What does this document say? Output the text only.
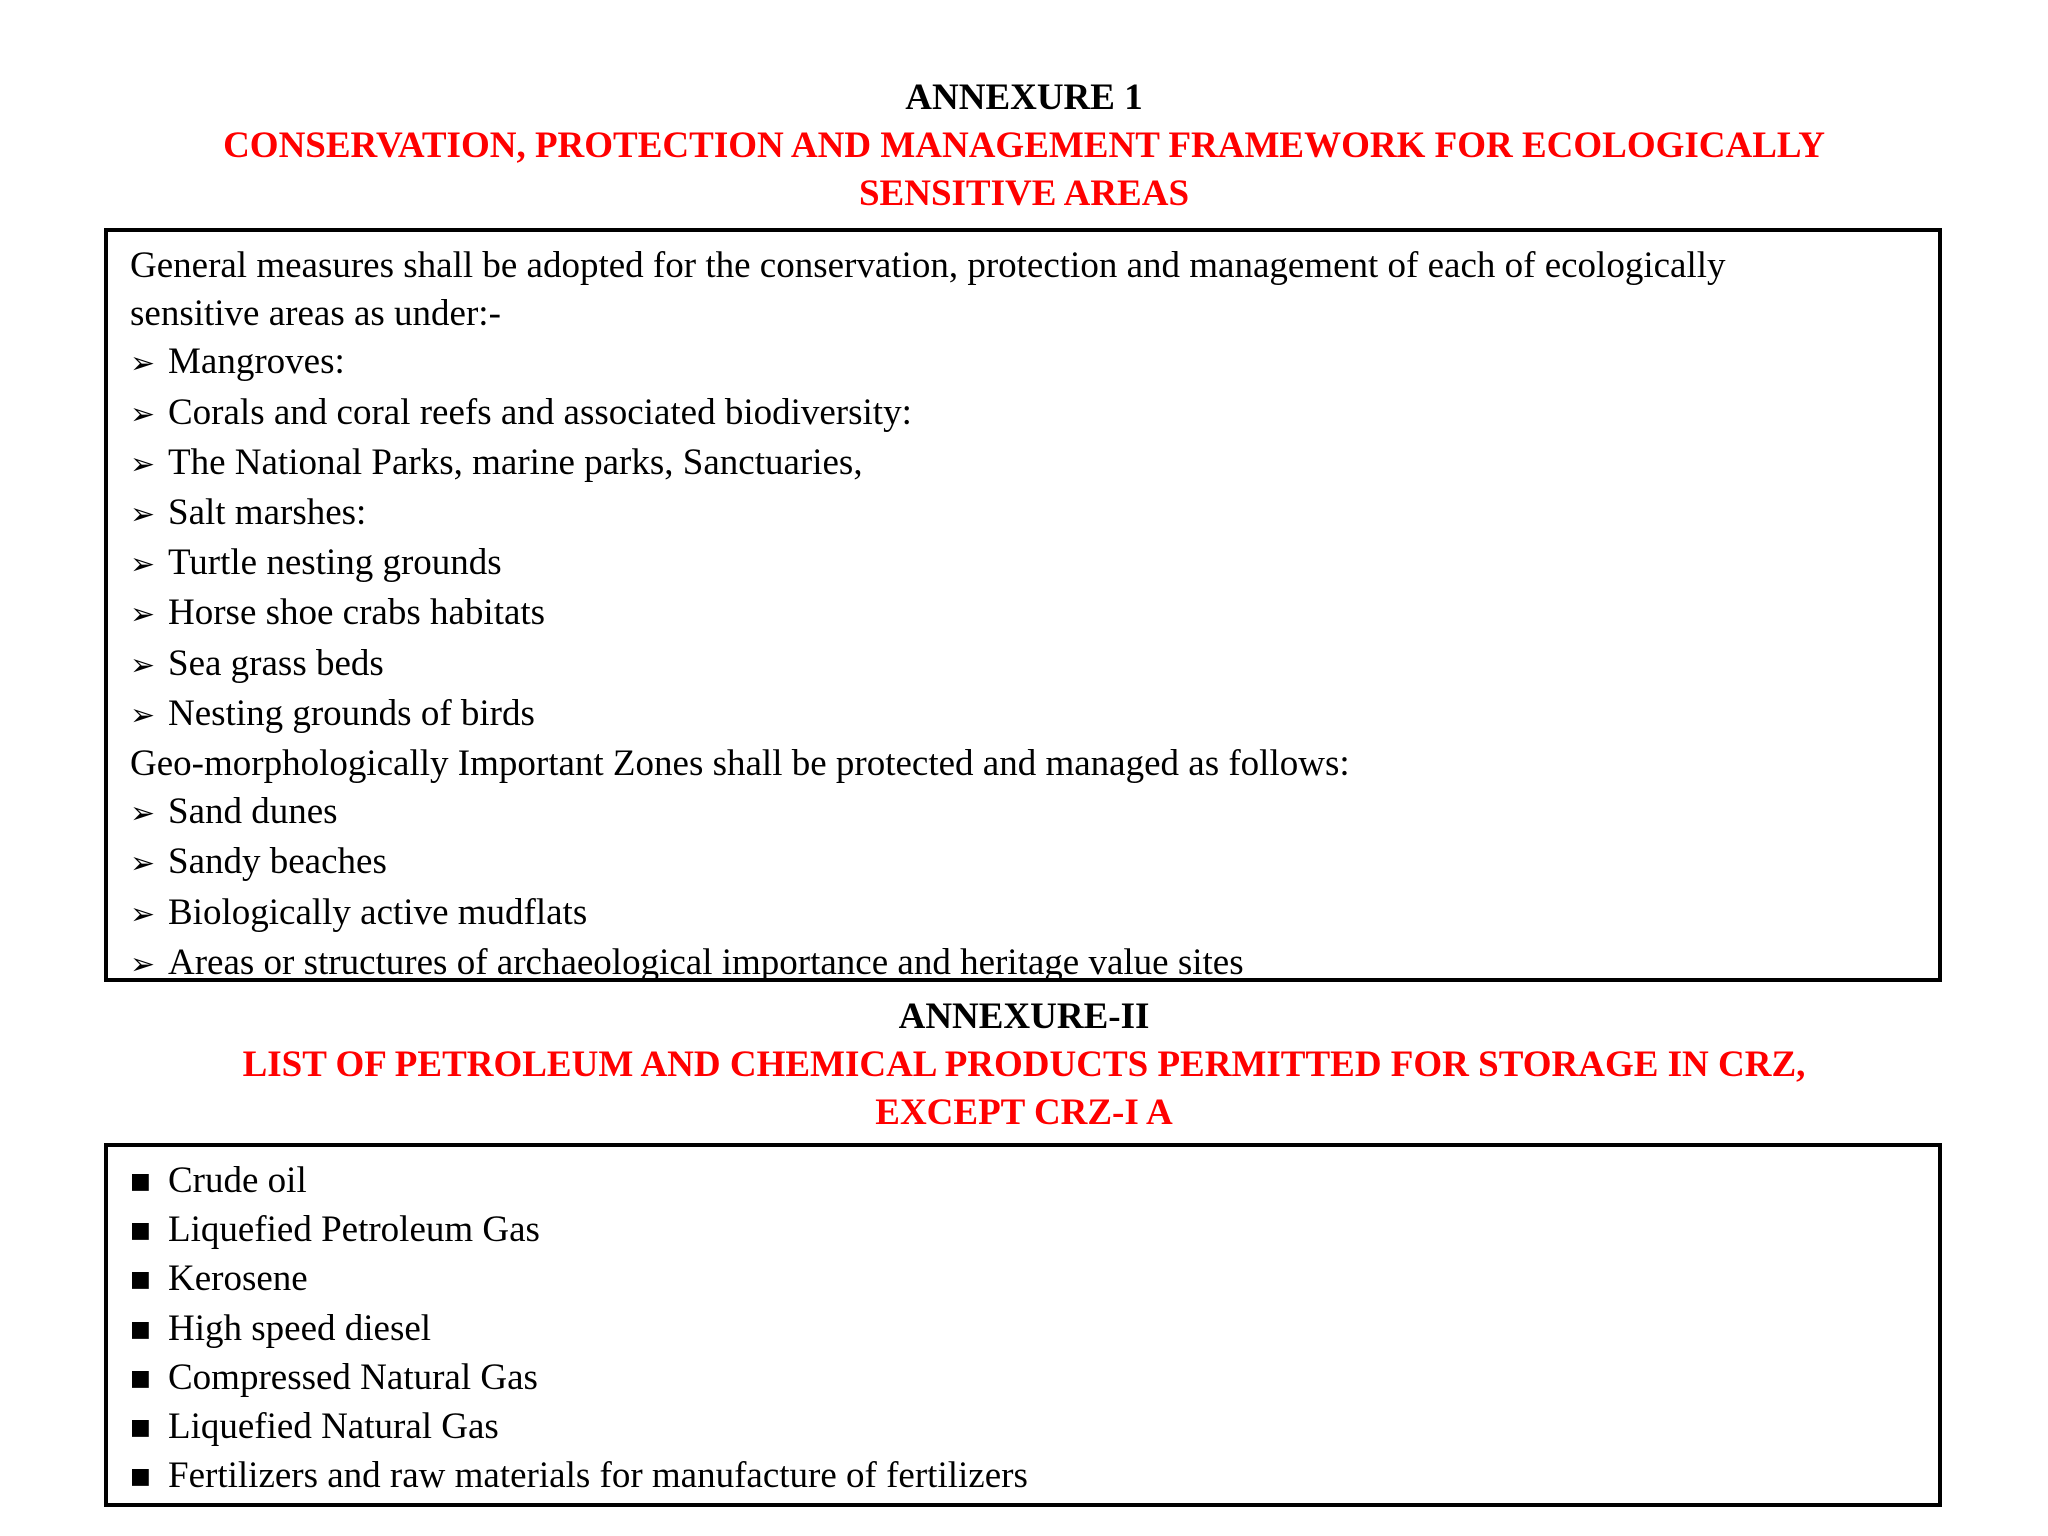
ANNEXURE 1
CONSERVATION, PROTECTION AND MANAGEMENT FRAMEWORK FOR ECOLOGICALLY
SENSITIVE AREAS
General measures shall be adopted for the conservation, protection and management of each of ecologically
sensitive areas as under:-
➢ Mangroves:
➢ Corals and coral reefs and associated biodiversity:
➢ The National Parks, marine parks, Sanctuaries,
➢ Salt marshes:
➢ Turtle nesting grounds
➢ Horse shoe crabs habitats
➢ Sea grass beds
➢ Nesting grounds of birds
Geo-morphologically Important Zones shall be protected and managed as follows:
➢ Sand dunes
➢ Sandy beaches
➢ Biologically active mudflats
➢ Areas or structures of archaeological importance and heritage value sites
ANNEXURE-II
LIST OF PETROLEUM AND CHEMICAL PRODUCTS PERMITTED FOR STORAGE IN CRZ,
EXCEPT CRZ-I A
■ Crude oil
■ Liquefied Petroleum Gas
■ Kerosene
■ High speed diesel
■ Compressed Natural Gas
■ Liquefied Natural Gas
■ Fertilizers and raw materials for manufacture of fertilizers
